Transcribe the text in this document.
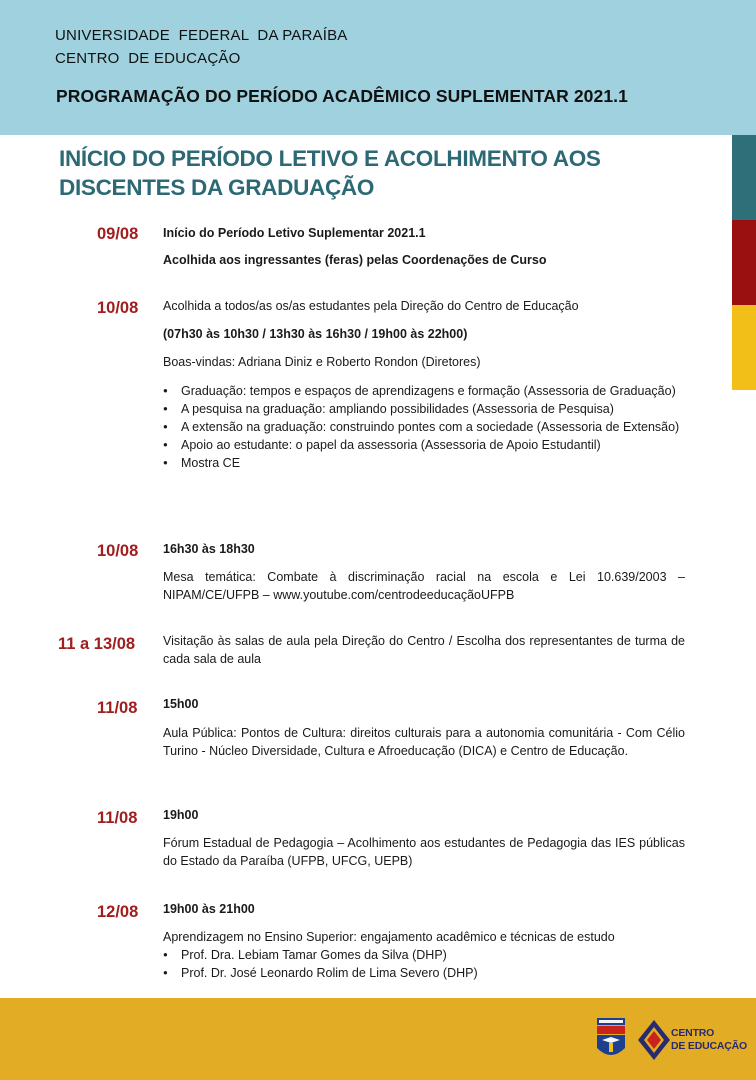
UNIVERSIDADE  FEDERAL  DA PARAÍBA
CENTRO  DE EDUCAÇÃO
PROGRAMAÇÃO DO PERÍODO ACADÊMICO SUPLEMENTAR 2021.1
INÍCIO DO PERÍODO LETIVO E ACOLHIMENTO AOS
DISCENTES DA GRADUAÇÃO
09/08 Início do Período Letivo Suplementar 2021.1
Acolhida aos ingressantes (feras) pelas Coordenações de Curso
10/08 Acolhida a todos/as os/as estudantes pela Direção do Centro de Educação
(07h30 às 10h30 / 13h30 às 16h30 / 19h00 às 22h00)
Boas-vindas: Adriana Diniz e Roberto Rondon (Diretores)
● Graduação: tempos e espaços de aprendizagens e formação (Assessoria de Graduação)
● A pesquisa na graduação: ampliando possibilidades (Assessoria de Pesquisa)
● A extensão na graduação: construindo pontes com a sociedade (Assessoria de Extensão)
● Apoio ao estudante: o papel da assessoria (Assessoria de Apoio Estudantil)
● Mostra CE
10/08 16h30 às 18h30
Mesa temática: Combate à discriminação racial na escola e Lei 10.639/2003 – NIPAM/CE/UFPB – www.youtube.com/centrodeeducaçãoUFPB
11 a 13/08 Visitação às salas de aula pela Direção do Centro / Escolha dos representantes de turma de cada sala de aula
11/08 15h00
Aula Pública: Pontos de Cultura: direitos culturais para a autonomia comunitária - Com Célio Turino - Núcleo Diversidade, Cultura e Afroeducação (DICA) e Centro de Educação.
11/08 19h00
Fórum Estadual de Pedagogia – Acolhimento aos estudantes de Pedagogia das IES públicas do Estado da Paraíba (UFPB, UFCG, UEPB)
12/08 19h00 às 21h00
Aprendizagem no Ensino Superior: engajamento acadêmico e técnicas de estudo
● Prof. Dra. Lebiam Tamar Gomes da Silva (DHP)
● Prof. Dr. José Leonardo Rolim de Lima Severo (DHP)
CENTRO
DE EDUCAÇÃO
